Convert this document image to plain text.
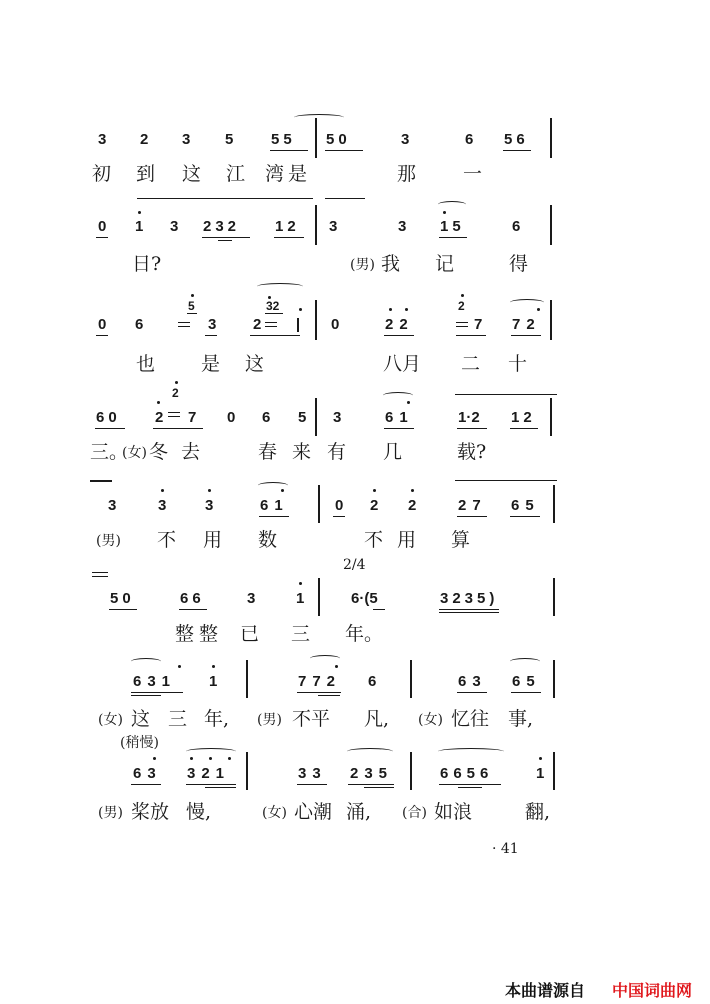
3 2 3 5	55 50	3	6 56
初 到 这 江 湾 是	那 一
0 1 3 232 12 3	3 15	6
日?	(男) 我 记	得
0 6
5
3
32
2	0	22
2
7 72
也 是 这	八月 二 十
60
2
2 7 0 6 5 3	61	1·2 12
三。
(女) 冬 去	春 来 有 几	载?
3	3	3	61	0 2 2	27 65
(男) 不 用 数	不 用 算
2/4
50	66	3	1	6·(5	3235)
整 整 已 三 年。
631 1	772 6	63 65
(女) 这 三 年, (男) 不平 凡, (女) 忆往 事,
(稍慢)
63 321	33 235	6656	1
(男) 桨放 慢,	(女) 心潮 涌, (合) 如浪	翻,
· 41
本曲谱源自 中国词曲网
